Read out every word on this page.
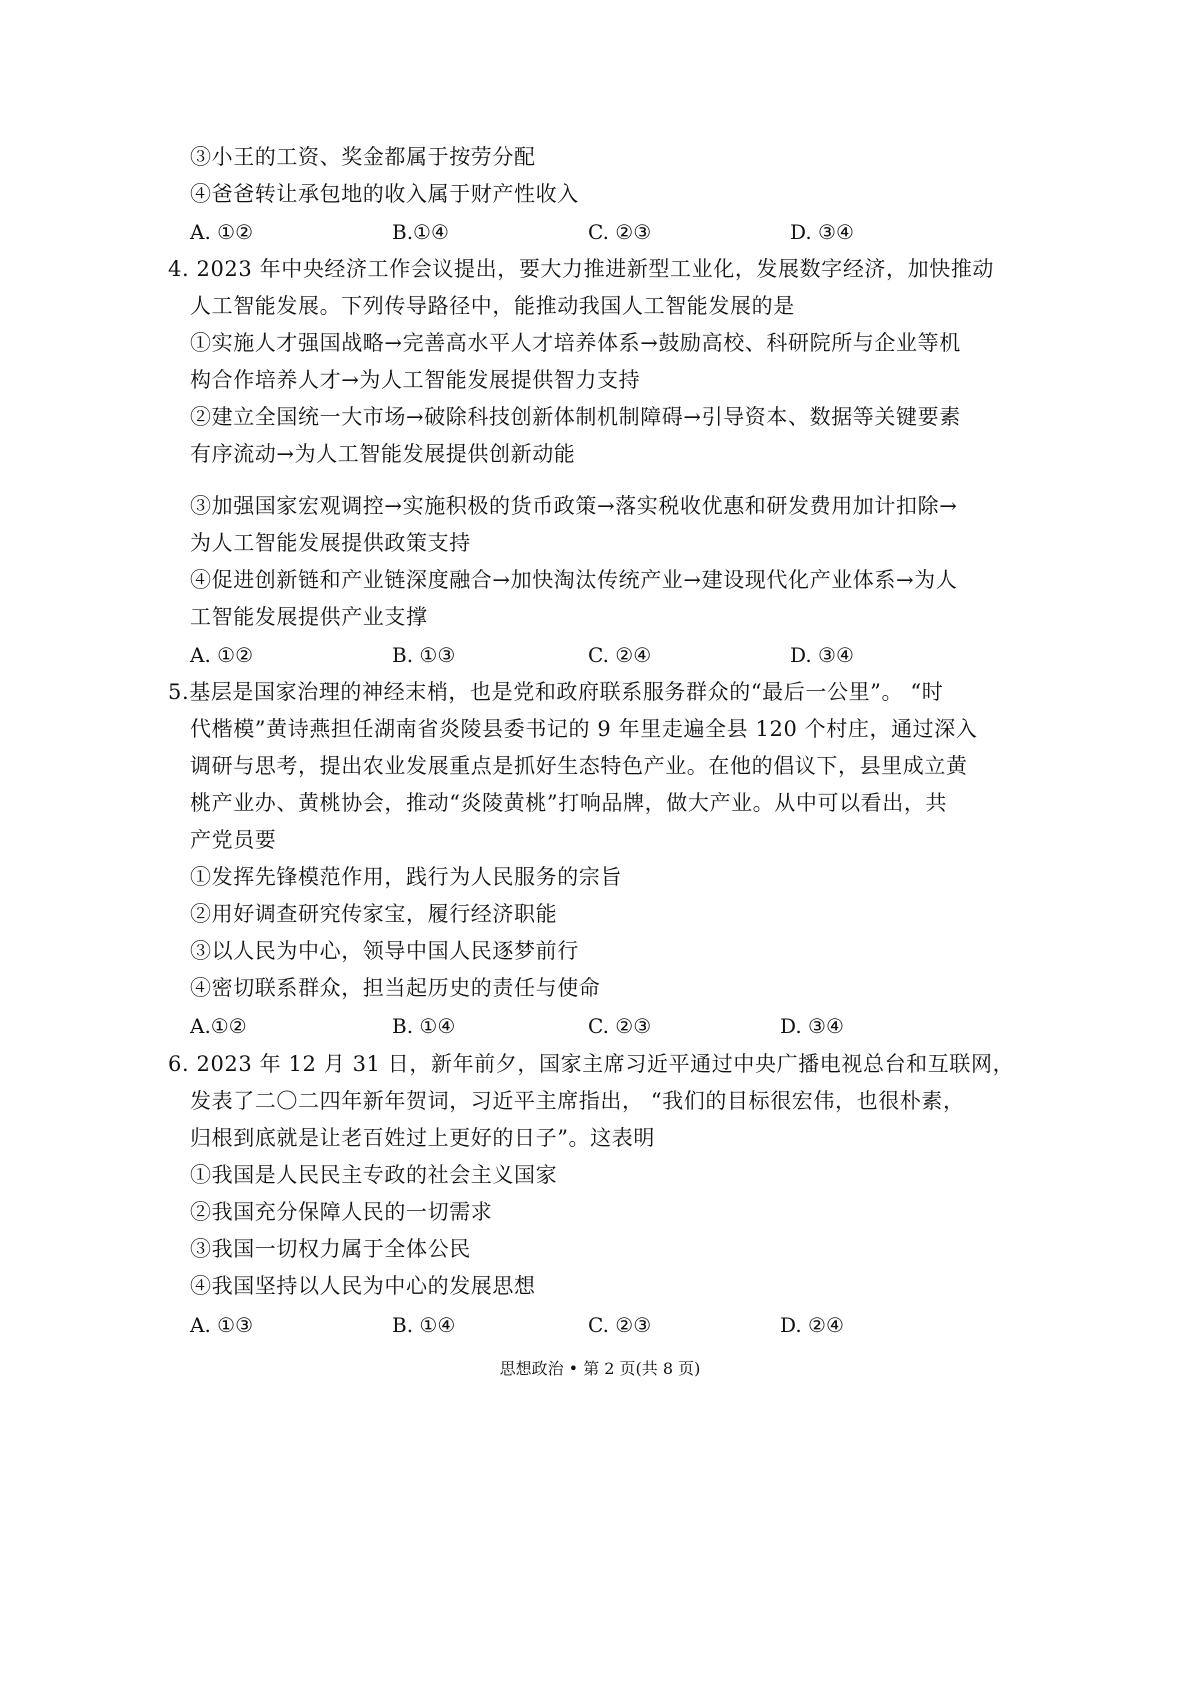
③小王的工资、奖金都属于按劳分配
④爸爸转让承包地的收入属于财产性收入
A. ①②	B.①④	C. ②③	D. ③④
4. 2023 年中央经济工作会议提出，要大力推进新型工业化，发展数字经济，加快推动
人工智能发展。下列传导路径中，能推动我国人工智能发展的是
①实施人才强国战略→完善高水平人才培养体系→鼓励高校、科研院所与企业等机
构合作培养人才→为人工智能发展提供智力支持
②建立全国统一大市场→破除科技创新体制机制障碍→引导资本、数据等关键要素
有序流动→为人工智能发展提供创新动能
③加强国家宏观调控→实施积极的货币政策→落实税收优惠和研发费用加计扣除→
为人工智能发展提供政策支持
④促进创新链和产业链深度融合→加快淘汰传统产业→建设现代化产业体系→为人
工智能发展提供产业支撑
A. ①②	B. ①③	C. ②④	D. ③④
5.基层是国家治理的神经末梢，也是党和政府联系服务群众的“最后一公里”。 “时
代楷模”黄诗燕担任湖南省炎陵县委书记的 9 年里走遍全县 120 个村庄，通过深入
调研与思考，提出农业发展重点是抓好生态特色产业。在他的倡议下，县里成立黄
桃产业办、黄桃协会，推动“炎陵黄桃”打响品牌，做大产业。从中可以看出，共
产党员要
①发挥先锋模范作用，践行为人民服务的宗旨
②用好调查研究传家宝，履行经济职能
③以人民为中心，领导中国人民逐梦前行
④密切联系群众，担当起历史的责任与使命
A.①②	B. ①④	C. ②③	D. ③④
6. 2023 年 12 月 31 日，新年前夕，国家主席习近平通过中央广播电视总台和互联网，
发表了二〇二四年新年贺词，习近平主席指出， “我们的目标很宏伟，也很朴素，
归根到底就是让老百姓过上更好的日子”。这表明
①我国是人民民主专政的社会主义国家
②我国充分保障人民的一切需求
③我国一切权力属于全体公民
④我国坚持以人民为中心的发展思想
A. ①③	B. ①④	C. ②③	D. ②④
思想政治 • 第 2 页(共 8 页)
